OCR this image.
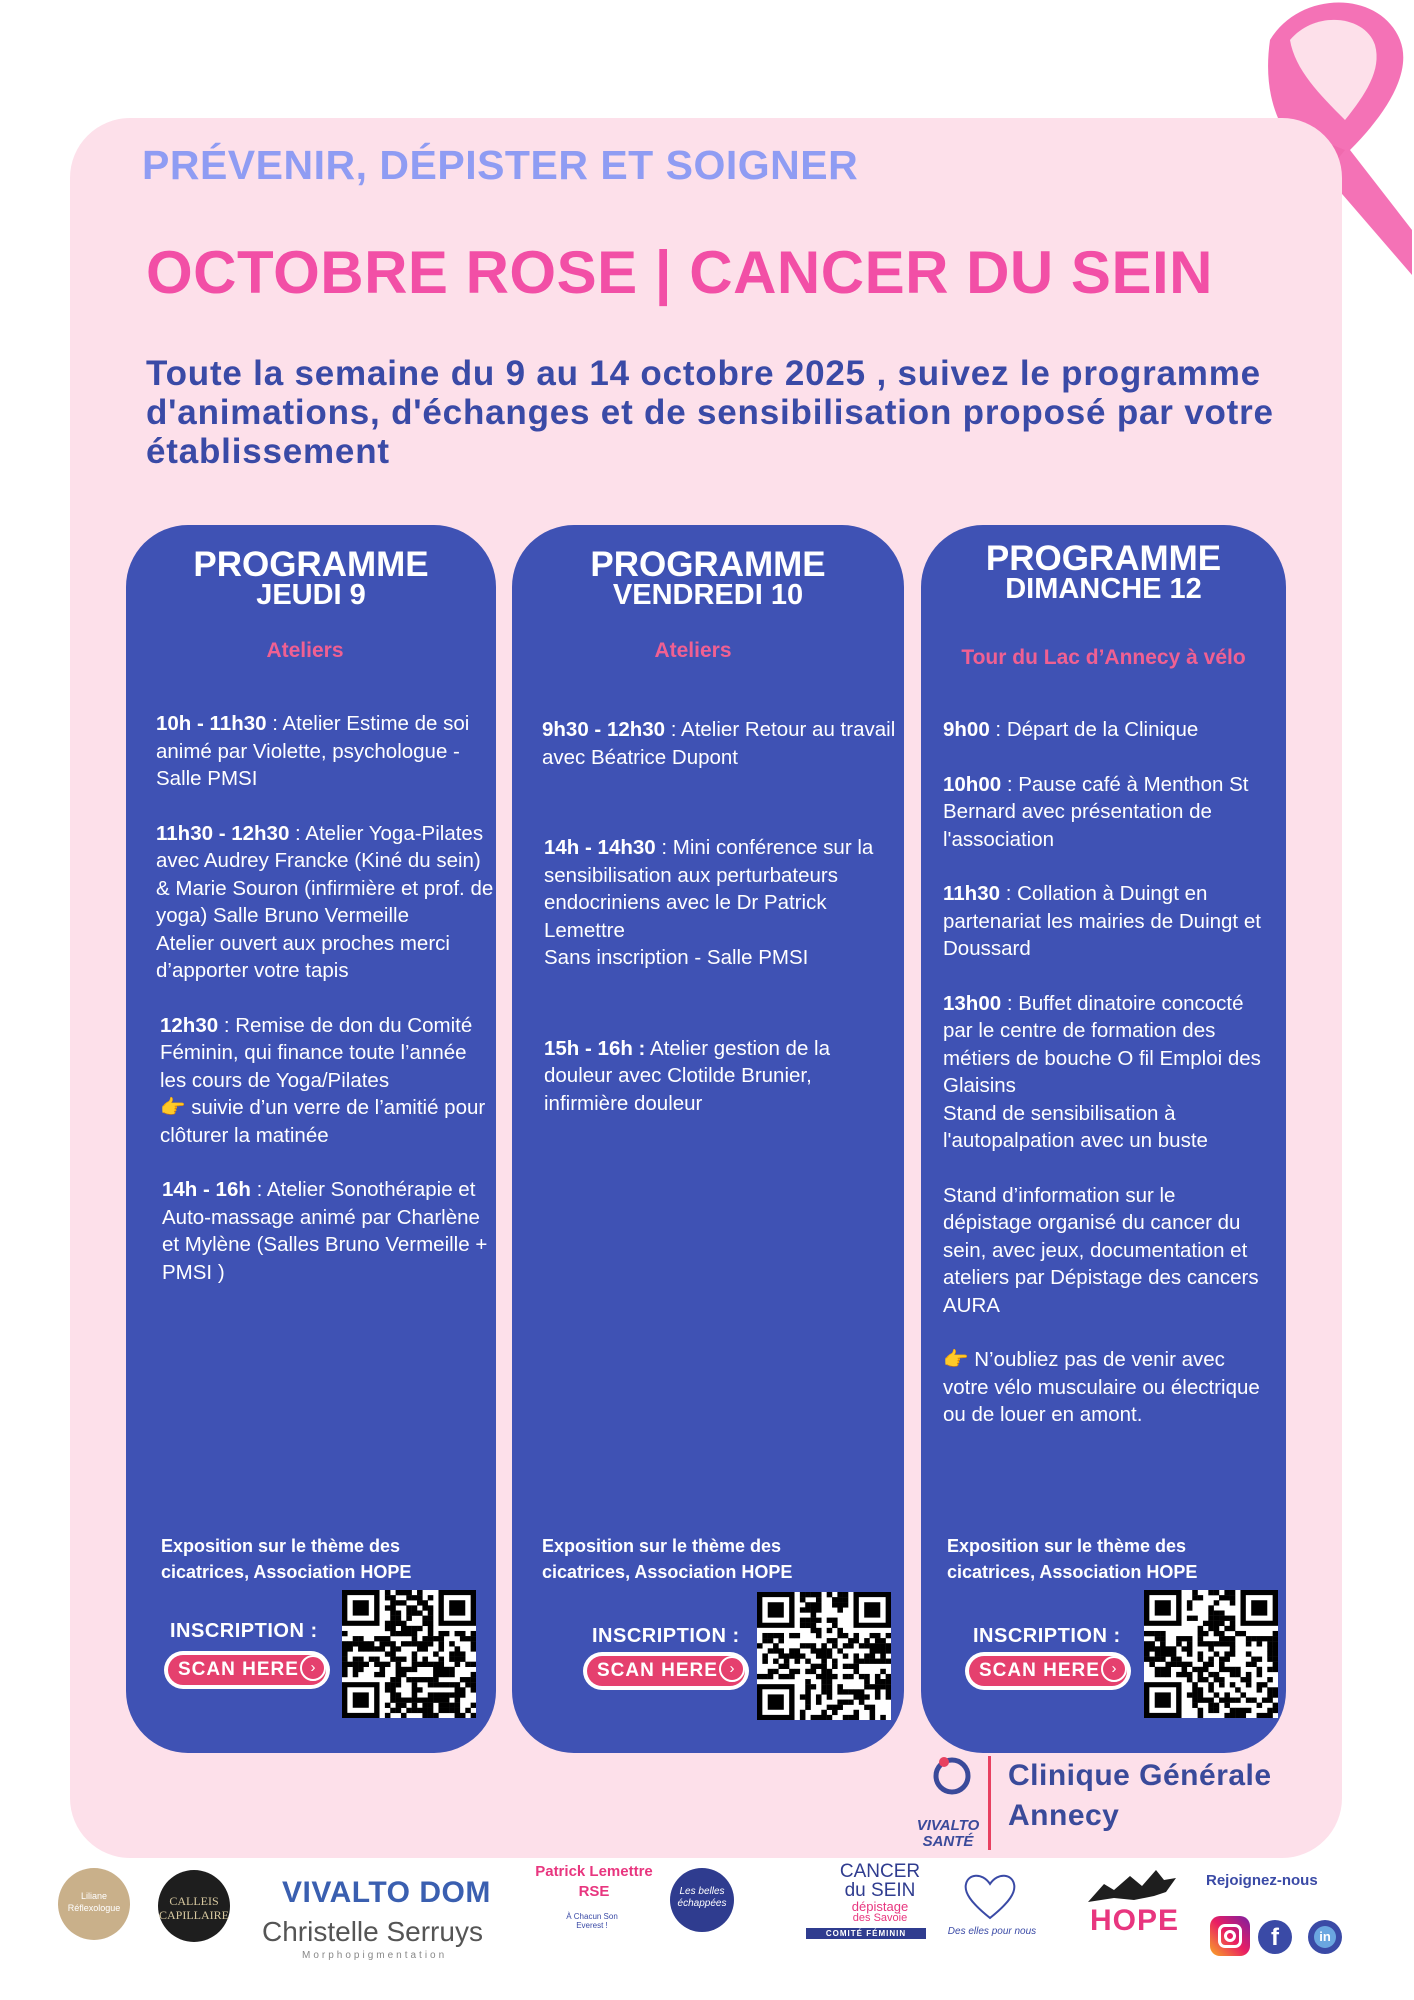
PRÉVENIR, DÉPISTER ET SOIGNER

OCTOBRE ROSE | CANCER DU SEIN

Toute la semaine du 9 au 14 octobre 2025 , suivez le programme d'animations, d'échanges et de sensibilisation proposé par votre établissement

PROGRAMME
JEUDI 9

Ateliers

10h - 11h30 : Atelier Estime de soi animé par Violette, psychologue - Salle PMSI

11h30 - 12h30 : Atelier Yoga-Pilates avec Audrey Francke (Kiné du sein) & Marie Souron (infirmière et prof. de yoga) Salle Bruno Vermeille
Atelier ouvert aux proches merci d’apporter votre tapis

12h30 : Remise de don du Comité Féminin, qui finance toute l’année les cours de Yoga/Pilates
👉 suivie d’un verre de l’amitié pour clôturer la matinée

14h - 16h : Atelier Sonothérapie et Auto-massage animé par Charlène et Mylène (Salles Bruno Vermeille + PMSI )

Exposition sur le thème des cicatrices, Association HOPE

INSCRIPTION :
SCAN HERE ›
PROGRAMME
VENDREDI 10

Ateliers

9h30 - 12h30 : Atelier Retour au travail avec Béatrice Dupont

14h - 14h30 : Mini conférence sur la sensibilisation aux perturbateurs endocriniens avec le Dr Patrick Lemettre
Sans inscription - Salle PMSI

15h - 16h : Atelier gestion de la douleur avec Clotilde Brunier, infirmière douleur

Exposition sur le thème des cicatrices, Association HOPE

INSCRIPTION :
SCAN HERE ›
PROGRAMME
DIMANCHE 12

Tour du Lac d’Annecy à vélo

9h00 : Départ de la Clinique

10h00 : Pause café à Menthon St Bernard avec présentation de l'association

11h30 : Collation à Duingt en partenariat les mairies de Duingt et Doussard

13h00 : Buffet dinatoire concocté par le centre de formation des métiers de bouche O fil Emploi des Glaisins
Stand de sensibilisation à l'autopalpation avec un buste

Stand d’information sur le dépistage organisé du cancer du sein, avec jeux, documentation et ateliers par Dépistage des cancers AURA

👉 N’oubliez pas de venir avec votre vélo musculaire ou électrique ou de louer en amont.

Exposition sur le thème des cicatrices, Association HOPE

INSCRIPTION :
SCAN HERE ›
VIVALTO
SANTÉ

Clinique Générale
Annecy

Liliane Réflexologue	CALLEIS CAPILLAIRE
VIVALTO DOM
Christelle Serruys
Morphopigmentation
Patrick Lemettre RSE
À Chacun Son Everest !
Les belles échappées
CANCER
du SEIN
dépistage
des Savoie
COMITÉ FÉMININ	Des elles pour nous HOPE
Rejoignez-nous
f	in
